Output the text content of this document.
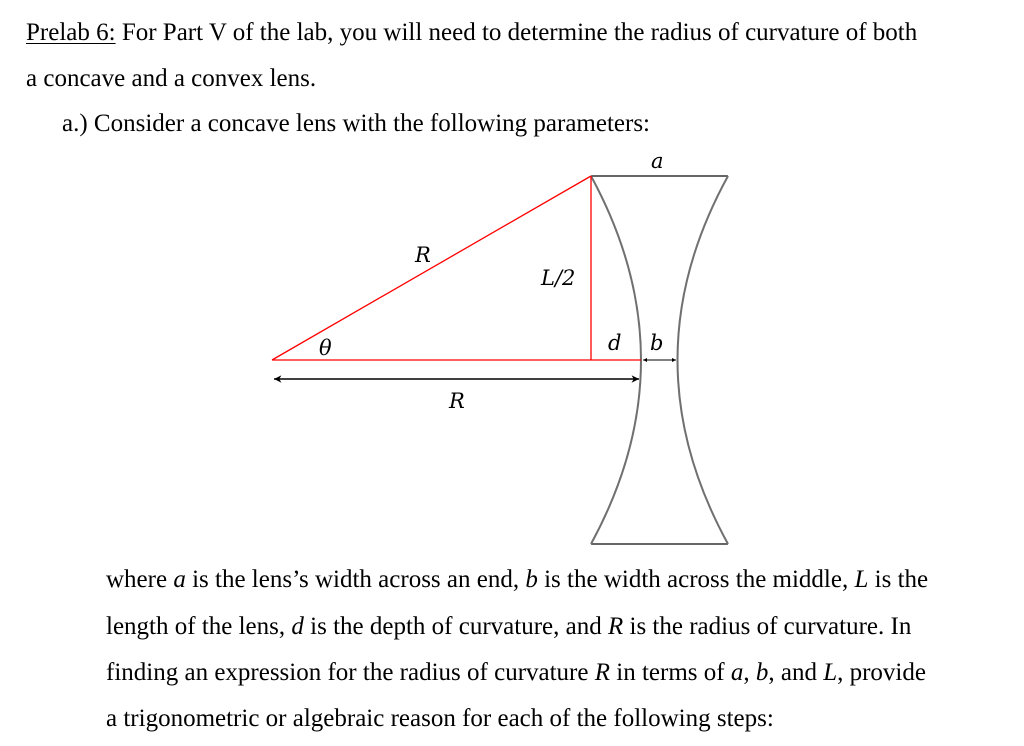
Prelab 6: For Part V of the lab, you will need to determine the radius of curvature of both
a concave and a convex lens.
a.) Consider a concave lens with the following parameters:
a
R
L/2
θ	d b
R
where a is the lens’s width across an end, b is the width across the middle, L is the
length of the lens, d is the depth of curvature, and R is the radius of curvature. In
finding an expression for the radius of curvature R in terms of a, b, and L, provide
a trigonometric or algebraic reason for each of the following steps:
